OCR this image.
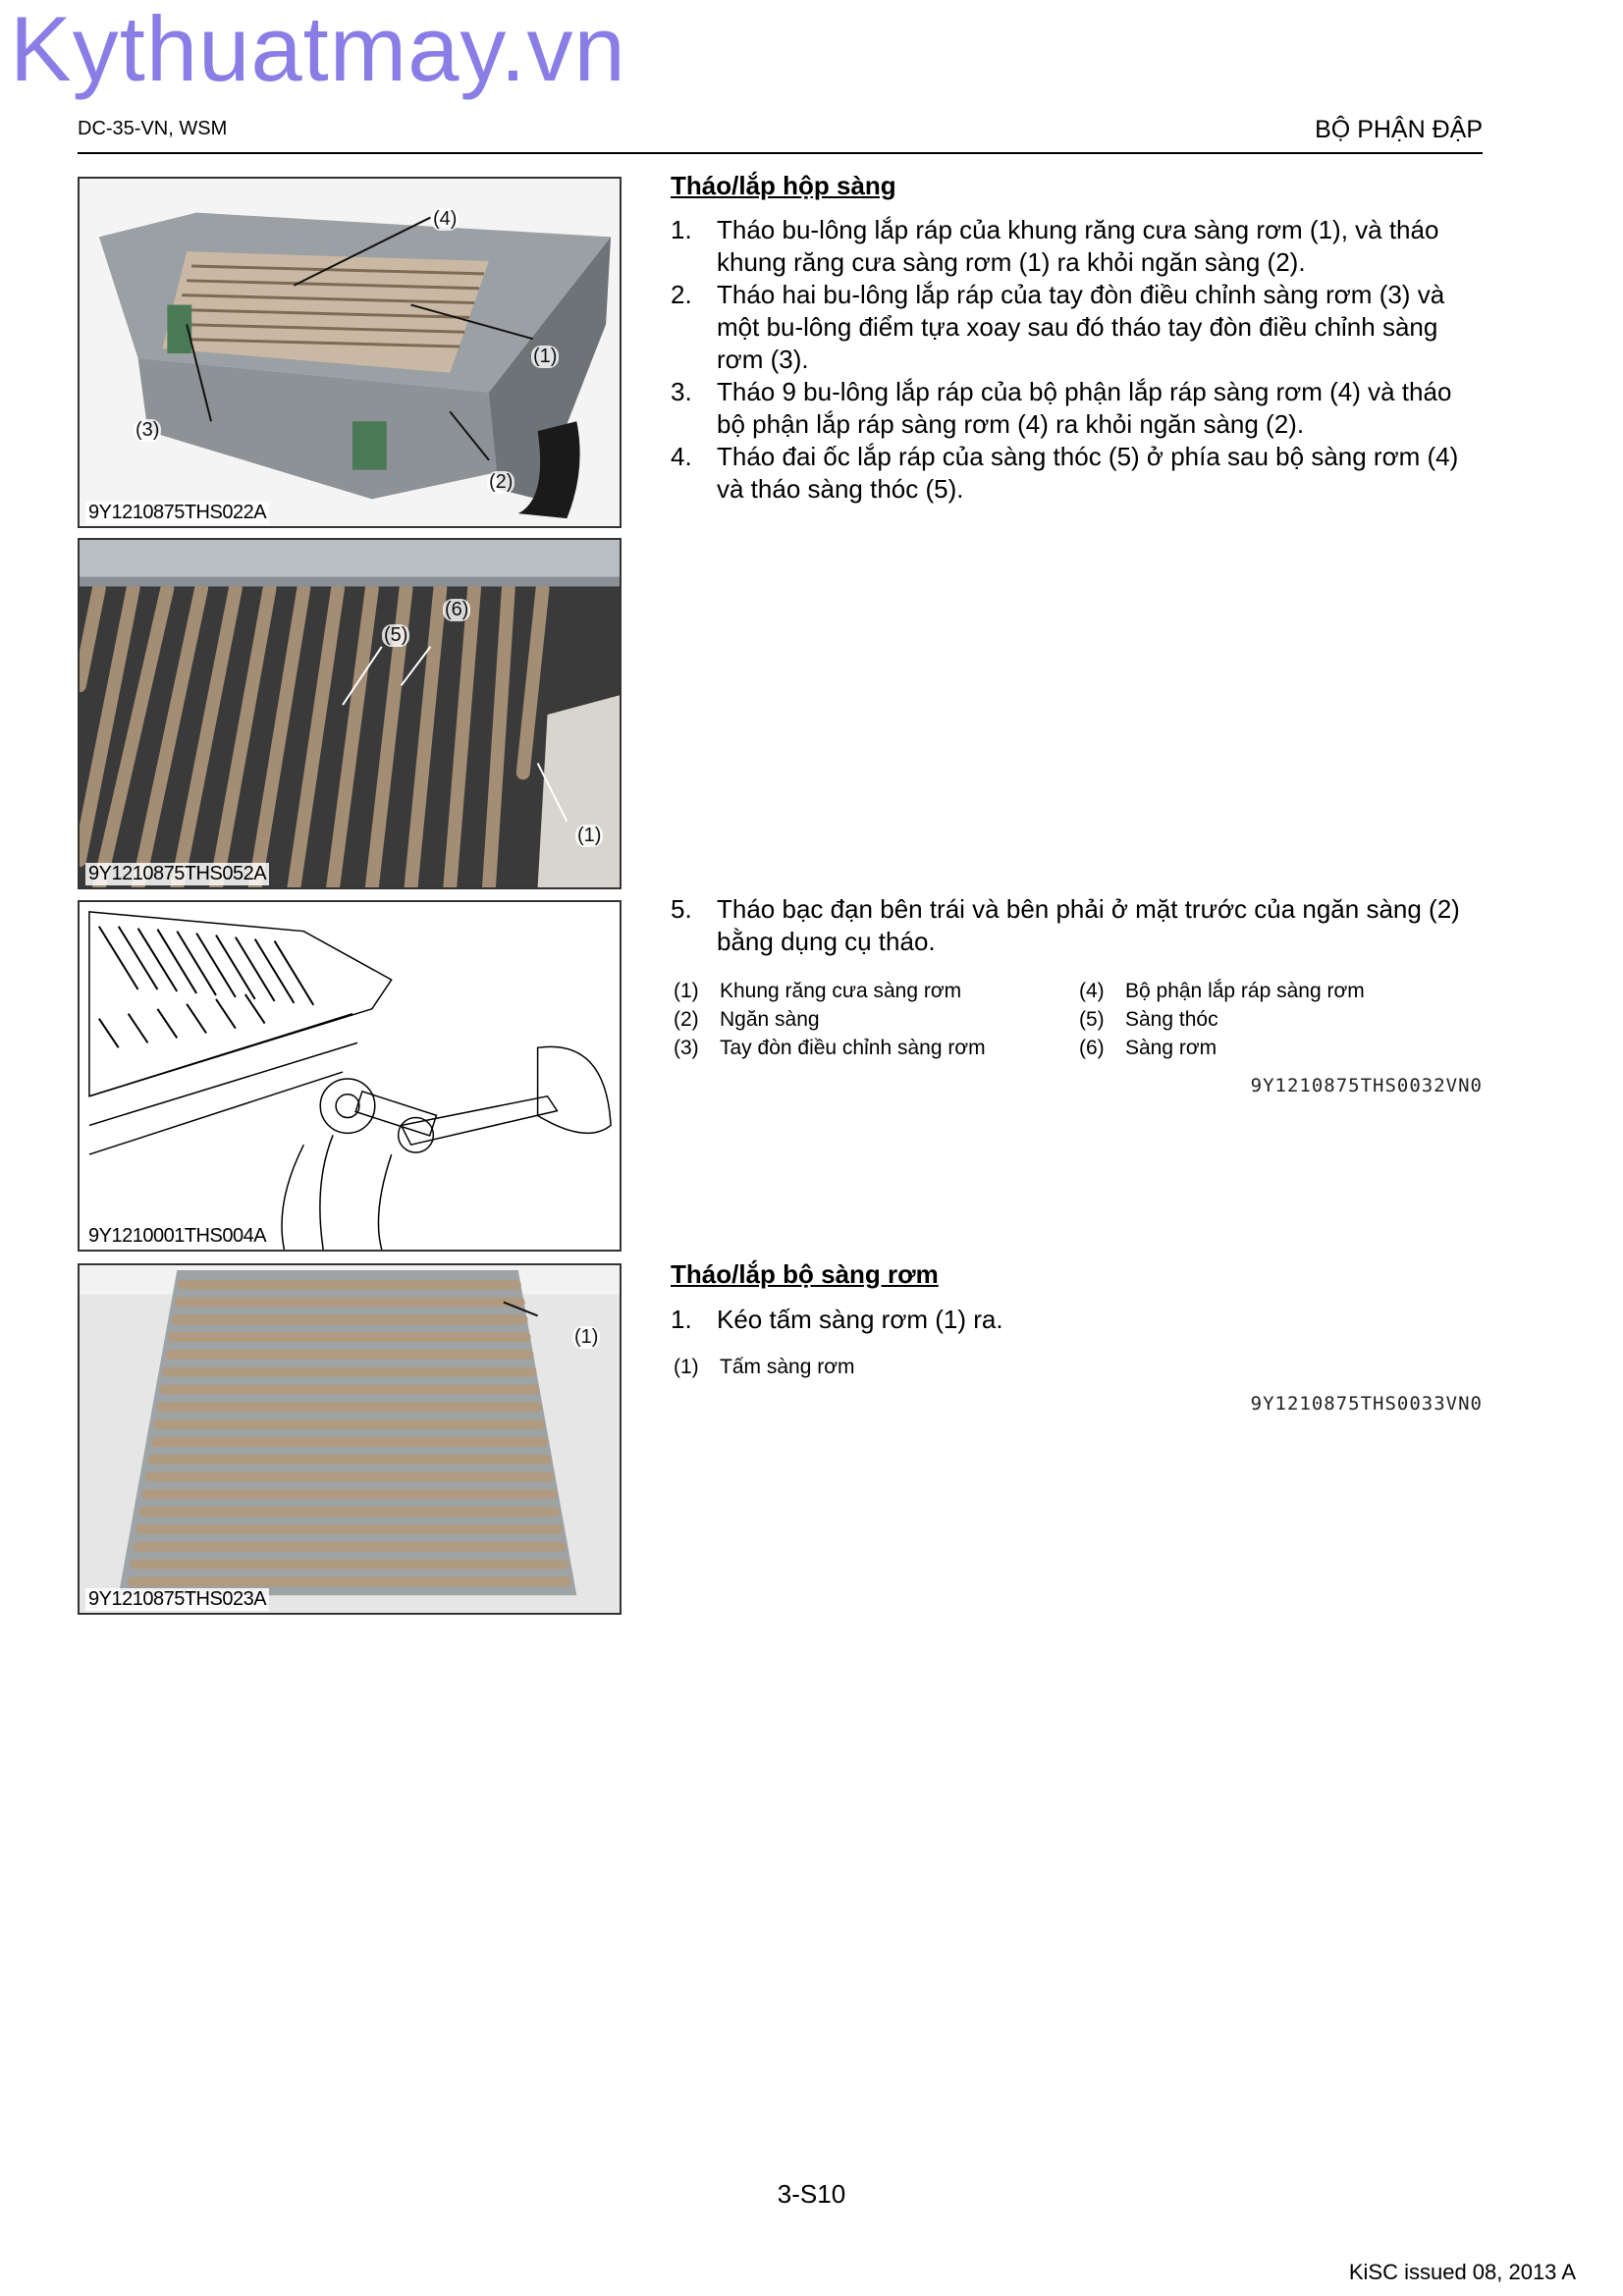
Kythuatmay.vn
DC-35-VN, WSM	BỘ PHẬN ĐẬP
(4)
(1)
(3)
(2)
9Y1210875THS022A
(6)
(5)
(1)
9Y1210875THS052A
9Y1210001THS004A
(1)
9Y1210875THS023A
Tháo/lắp hộp sàng
1. Tháo bu-lông lắp ráp của khung răng cưa sàng rơm (1), và tháo khung răng cưa sàng rơm (1) ra khỏi ngăn sàng (2).
2. Tháo hai bu-lông lắp ráp của tay đòn điều chỉnh sàng rơm (3) và một bu-lông điểm tựa xoay sau đó tháo tay đòn điều chỉnh sàng rơm (3).
3. Tháo 9 bu-lông lắp ráp của bộ phận lắp ráp sàng rơm (4) và tháo bộ phận lắp ráp sàng rơm (4) ra khỏi ngăn sàng (2).
4. Tháo đai ốc lắp ráp của sàng thóc (5) ở phía sau bộ sàng rơm (4) và tháo sàng thóc (5).
5. Tháo bạc đạn bên trái và bên phải ở mặt trước của ngăn sàng (2) bằng dụng cụ tháo.
(1)	Khung răng cưa sàng rơm	(4)	Bộ phận lắp ráp sàng rơm
(2)	Ngăn sàng	(5)	Sàng thóc
(3)	Tay đòn điều chỉnh sàng rơm	(6)	Sàng rơm
9Y1210875THS0032VN0
Tháo/lắp bộ sàng rơm
1. Kéo tấm sàng rơm (1) ra.
(1)	Tấm sàng rơm
9Y1210875THS0033VN0
3-S10
KiSC issued 08, 2013 A
